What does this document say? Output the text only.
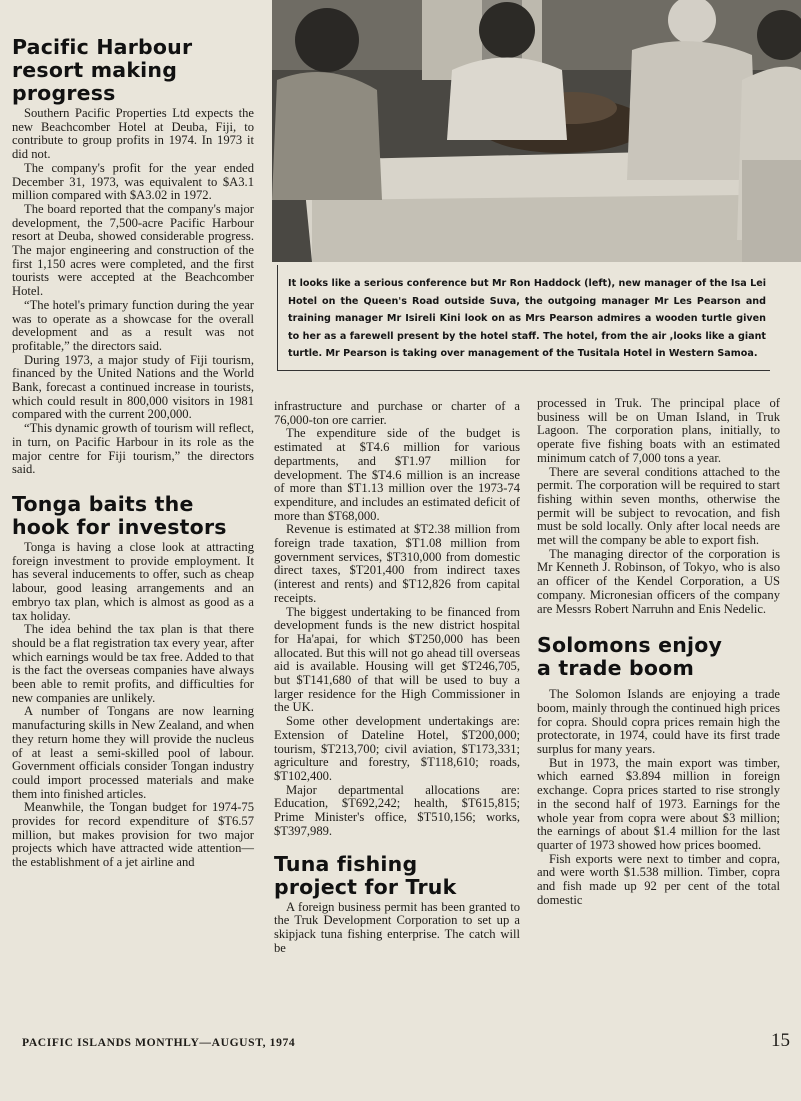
It looks like a serious conference but Mr Ron Haddock (left), new manager of the Isa Lei Hotel on the Queen's Road outside Suva, the outgoing manager Mr Les Pearson and training manager Mr Isireli Kini look on as Mrs Pearson admires a wooden turtle given to her as a farewell present by the hotel staff. The hotel, from the air ,looks like a giant turtle. Mr Pearson is taking over management of the Tusitala Hotel in Western Samoa.

Pacific Harbour
resort making
progress

Southern Pacific Properties Ltd expects the new Beachcomber Hotel at Deuba, Fiji, to contribute to group profits in 1974. In 1973 it did not.

The company's profit for the year ended December 31, 1973, was equivalent to $A3.1 million compared with $A3.02 in 1972.

The board reported that the company's major development, the 7,500-acre Pacific Harbour resort at Deuba, showed considerable progress. The major engineering and construction of the first 1,150 acres were completed, and the first tourists were accepted at the Beachcomber Hotel.

“The hotel's primary function during the year was to operate as a showcase for the overall development and as a result was not profitable,” the directors said.

During 1973, a major study of Fiji tourism, financed by the United Nations and the World Bank, forecast a continued increase in tourists, which could result in 800,000 visitors in 1981 compared with the current 200,000.

“This dynamic growth of tourism will reflect, in turn, on Pacific Harbour in its role as the major centre for Fiji tourism,” the directors said.

Tonga baits the
hook for investors

Tonga is having a close look at attracting foreign investment to provide employment. It has several inducements to offer, such as cheap labour, good leasing arrangements and an embryo tax plan, which is almost as good as a tax holiday.

The idea behind the tax plan is that there should be a flat registration tax every year, after which earnings would be tax free. Added to that is the fact the overseas companies have always been able to remit profits, and difficulties for new companies are unlikely.

A number of Tongans are now learning manufacturing skills in New Zealand, and when they return home they will provide the nucleus of at least a semi-skilled pool of labour. Government officials consider Tongan industry could import processed materials and make them into finished articles.

Meanwhile, the Tongan budget for 1974-75 provides for record expenditure of $T6.57 million, but makes provision for two major projects which have attracted wide attention—the establishment of a jet airline and

infrastructure and purchase or charter of a 76,000-ton ore carrier.

The expenditure side of the budget is estimated at $T4.6 million for various departments, and $T1.97 million for development. The $T4.6 million is an increase of more than $T1.13 million over the 1973-74 expenditure, and includes an estimated deficit of more than $T68,000.

Revenue is estimated at $T2.38 million from foreign trade taxation, $T1.08 million from government services, $T310,000 from domestic direct taxes, $T201,400 from indirect taxes (interest and rents) and $T12,826 from capital receipts.

The biggest undertaking to be financed from development funds is the new district hospital for Ha'apai, for which $T250,000 has been allocated. But this will not go ahead till overseas aid is available. Housing will get $T246,705, but $T141,680 of that will be used to buy a larger residence for the High Commissioner in the UK.

Some other development undertakings are: Extension of Dateline Hotel, $T200,000; tourism, $T213,700; civil aviation, $T173,331; agriculture and forestry, $T118,610; roads, $T102,400.

Major departmental allocations are: Education, $T692,242; health, $T615,815; Prime Minister's office, $T510,156; works, $T397,989.

Tuna fishing
project for Truk

A foreign business permit has been granted to the Truk Development Corporation to set up a skipjack tuna fishing enterprise. The catch will be

processed in Truk. The principal place of business will be on Uman Island, in Truk Lagoon. The corporation plans, initially, to operate five fishing boats with an estimated minimum catch of 7,000 tons a year.

There are several conditions attached to the permit. The corporation will be required to start fishing within seven months, otherwise the permit will be subject to revocation, and fish must be sold locally. Only after local needs are met will the company be able to export fish.

The managing director of the corporation is Mr Kenneth J. Robinson, of Tokyo, who is also an officer of the Kendel Corporation, a US company. Micronesian officers of the company are Messrs Robert Narruhn and Enis Nedelic.

Solomons enjoy
a trade boom

The Solomon Islands are enjoying a trade boom, mainly through the continued high prices for copra. Should copra prices remain high the protectorate, in 1974, could have its first trade surplus for many years.

But in 1973, the main export was timber, which earned $3.894 million in foreign exchange. Copra prices started to rise strongly in the second half of 1973. Earnings for the whole year from copra were about $3 million; the earnings of about $1.4 million for the last quarter of 1973 showed how prices boomed.

Fish exports were next to timber and copra, and were worth $1.538 million. Timber, copra and fish made up 92 per cent of the total domestic

PACIFIC ISLANDS MONTHLY—AUGUST, 1974	15
